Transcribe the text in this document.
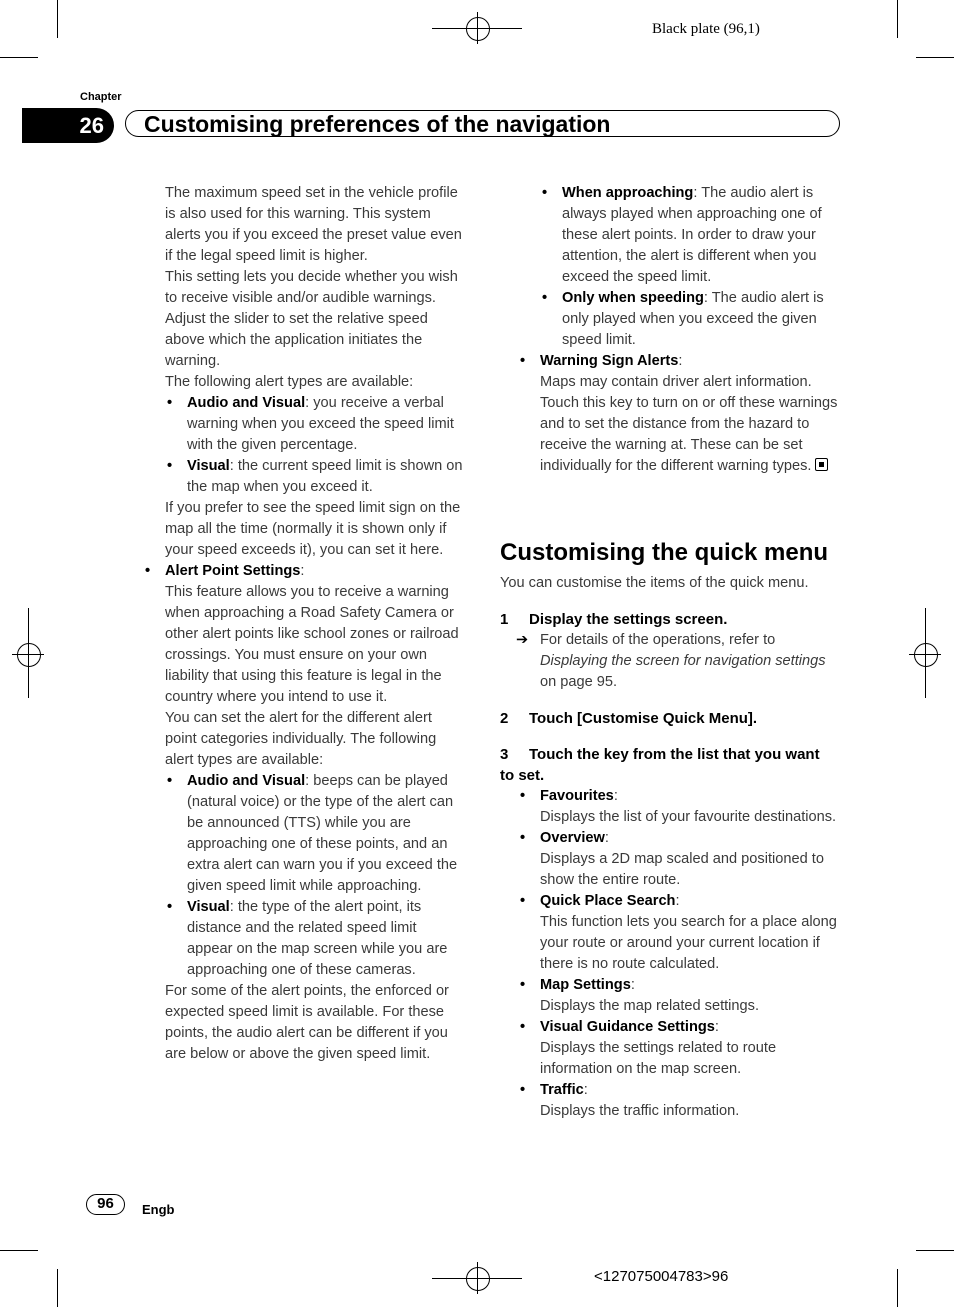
Black plate (96,1)
Chapter
26	Customising preferences of the navigation

The maximum speed set in the vehicle profile is also used for this warning. This system alerts you if you exceed the preset value even if the legal speed limit is higher.

This setting lets you decide whether you wish to receive visible and/or audible warnings.

Adjust the slider to set the relative speed above which the application initiates the warning.

The following alert types are available:

• Audio and Visual: you receive a verbal warning when you exceed the speed limit with the given percentage.

• Visual: the current speed limit is shown on the map when you exceed it.

If you prefer to see the speed limit sign on the map all the time (normally it is shown only if your speed exceeds it), you can set it here.

• Alert Point Settings:

This feature allows you to receive a warning when approaching a Road Safety Camera or other alert points like school zones or railroad crossings. You must ensure on your own liability that using this feature is legal in the country where you intend to use it.

You can set the alert for the different alert point categories individually. The following alert types are available:

• Audio and Visual: beeps can be played (natural voice) or the type of the alert can be announced (TTS) while you are approaching one of these points, and an extra alert can warn you if you exceed the given speed limit while approaching.

• Visual: the type of the alert point, its distance and the related speed limit appear on the map screen while you are approaching one of these cameras.

For some of the alert points, the enforced or expected speed limit is available. For these points, the audio alert can be different if you are below or above the given speed limit.

• When approaching: The audio alert is always played when approaching one of these alert points. In order to draw your attention, the alert is different when you exceed the speed limit.

• Only when speeding: The audio alert is only played when you exceed the given speed limit.

• Warning Sign Alerts:

Maps may contain driver alert information. Touch this key to turn on or off these warnings and to set the distance from the hazard to receive the warning at. These can be set individually for the different warning types.

Customising the quick menu

You can customise the items of the quick menu.

1 Display the settings screen.

➔ For details of the operations, refer to Displaying the screen for navigation settings on page 95.

2 Touch [Customise Quick Menu].

3 Touch the key from the list that you want to set.

• Favourites:

Displays the list of your favourite destinations.

• Overview:

Displays a 2D map scaled and positioned to show the entire route.

• Quick Place Search:

This function lets you search for a place along your route or around your current location if there is no route calculated.

• Map Settings:

Displays the map related settings.

• Visual Guidance Settings:

Displays the settings related to route information on the map screen.

• Traffic:

Displays the traffic information.

96	Engb
<127075004783>96
